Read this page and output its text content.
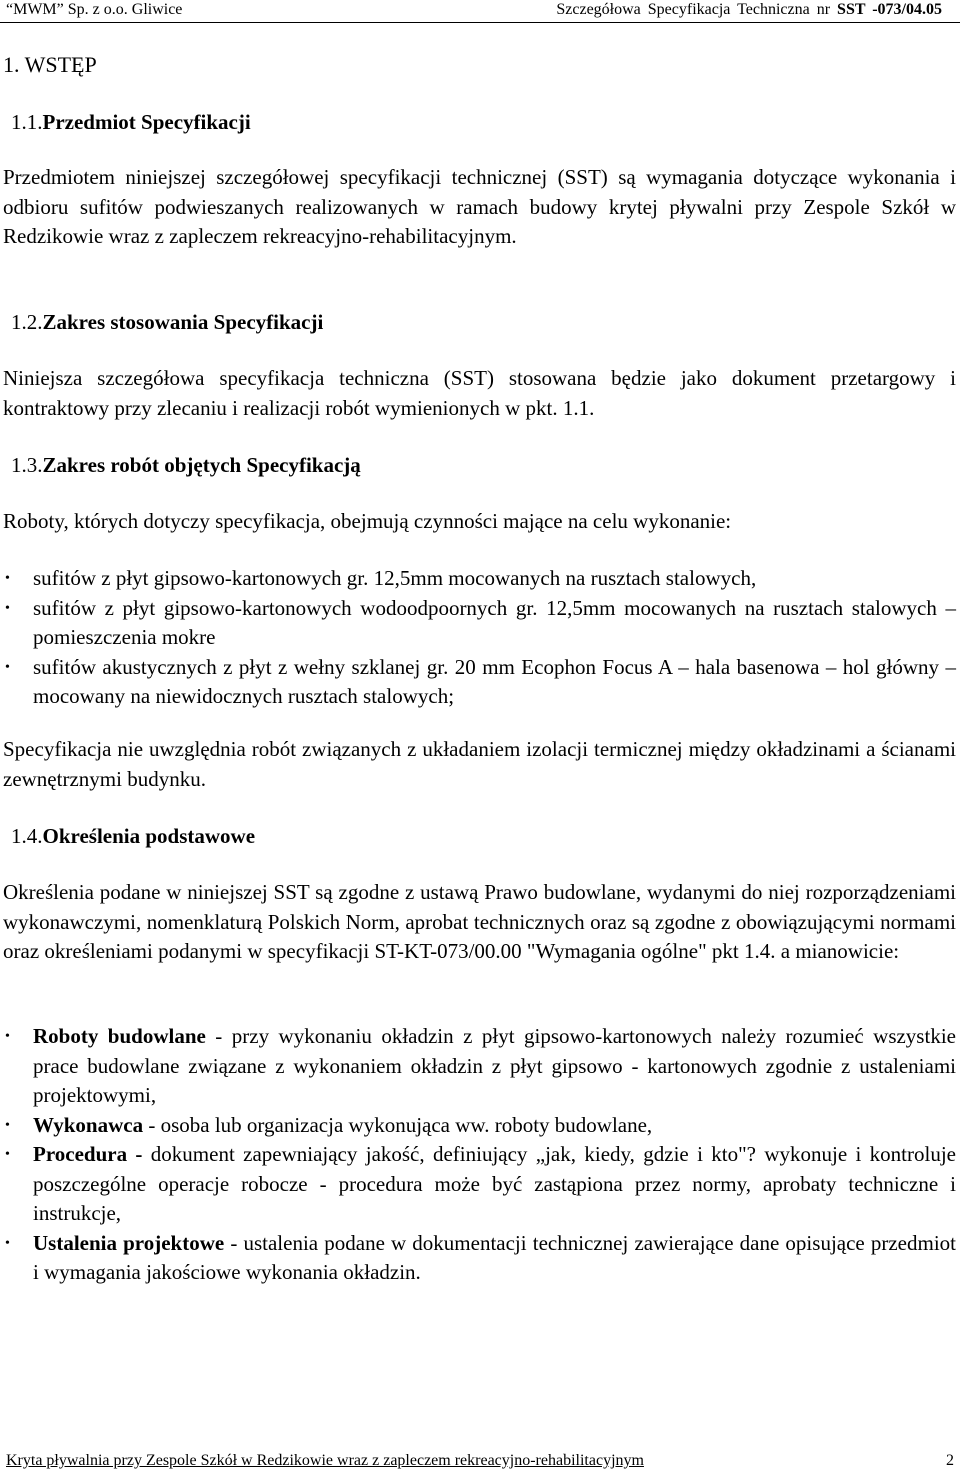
“MWM” Sp. z o.o. Gliwice	Szczegółowa Specyfikacja Techniczna nr SST -073/04.05
1. WSTĘP
1.1.Przedmiot Specyfikacji

Przedmiotem niniejszej szczegółowej specyfikacji technicznej (SST) są wymagania dotyczące wykonania i odbioru sufitów podwieszanych realizowanych w ramach budowy krytej pływalni przy Zespole Szkół w Redzikowie wraz z zapleczem rekreacyjno-rehabilitacyjnym.

1.2.Zakres stosowania Specyfikacji

Niniejsza szczegółowa specyfikacja techniczna (SST) stosowana będzie jako dokument przetargowy i kontraktowy przy zlecaniu i realizacji robót wymienionych w pkt. 1.1.

1.3.Zakres robót objętych Specyfikacją

Roboty, których dotyczy specyfikacja, obejmują czynności mające na celu wykonanie:

• sufitów z płyt gipsowo-kartonowych gr. 12,5mm mocowanych na rusztach stalowych,
• sufitów z płyt gipsowo-kartonowych wodoodpoornych gr. 12,5mm mocowanych na rusztach stalowych – pomieszczenia mokre
• sufitów akustycznych z płyt z wełny szklanej gr. 20 mm Ecophon Focus A – hala basenowa – hol główny – mocowany na niewidocznych rusztach stalowych;

Specyfikacja nie uwzględnia robót związanych z układaniem izolacji termicznej między okładzinami a ścianami zewnętrznymi budynku.

1.4.Określenia podstawowe

Określenia podane w niniejszej SST są zgodne z ustawą Prawo budowlane, wydanymi do niej rozporządzeniami wykonawczymi, nomenklaturą Polskich Norm, aprobat technicznych oraz są zgodne z obowiązującymi normami oraz określeniami podanymi w specyfikacji ST-KT-073/00.00 "Wymagania ogólne" pkt 1.4. a mianowicie:

• Roboty budowlane - przy wykonaniu okładzin z płyt gipsowo-kartonowych należy rozumieć wszystkie prace budowlane związane z wykonaniem okładzin z płyt gipsowo - kartonowych zgodnie z ustaleniami projektowymi,
• Wykonawca - osoba lub organizacja wykonująca ww. roboty budowlane,
• Procedura - dokument zapewniający jakość, definiujący „jak, kiedy, gdzie i kto"? wykonuje i kontroluje poszczególne operacje robocze - procedura może być zastąpiona przez normy, aprobaty techniczne i instrukcje,
• Ustalenia projektowe - ustalenia podane w dokumentacji technicznej zawierające dane opisujące przedmiot i wymagania jakościowe wykonania okładzin.
Kryta pływalnia przy Zespole Szkół w Redzikowie wraz z zapleczem rekreacyjno-rehabilitacyjnym	2
